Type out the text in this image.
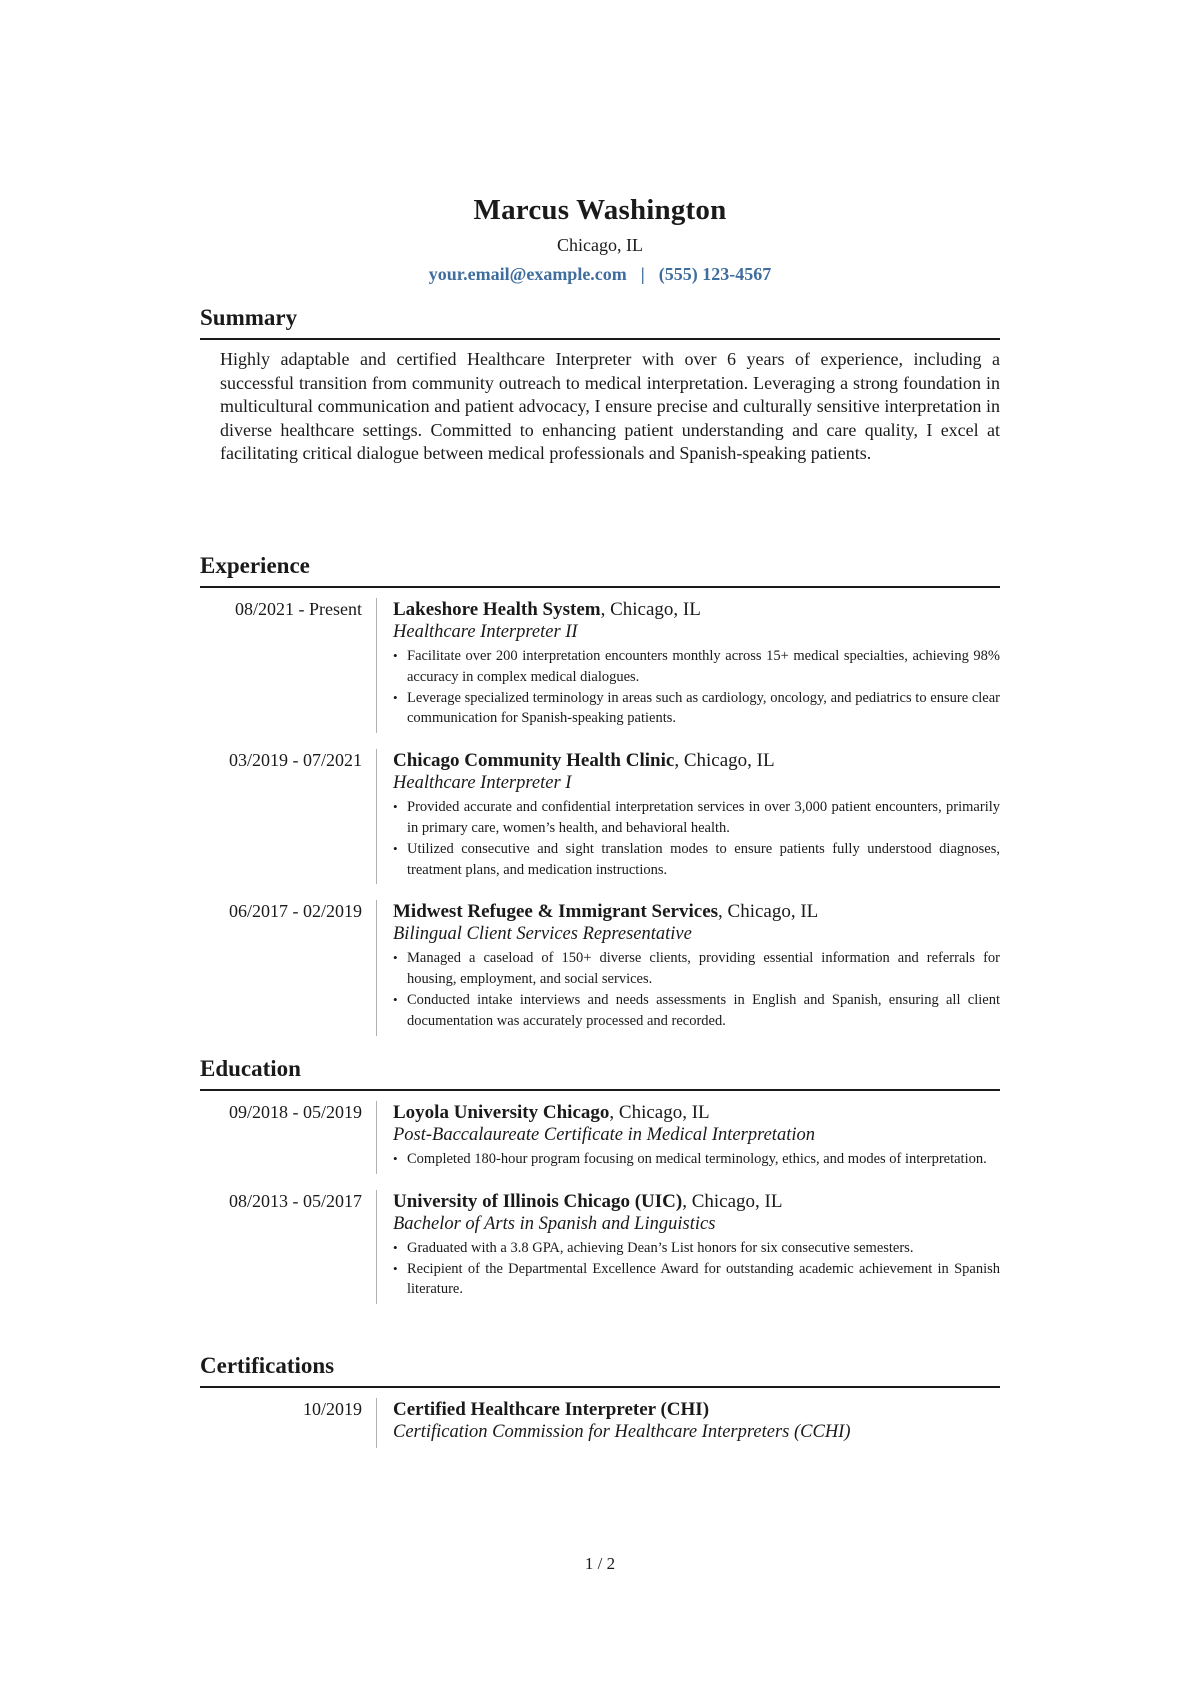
Marcus Washington
Chicago, IL
your.email@example.com | (555) 123-4567
Summary
Highly adaptable and certified Healthcare Interpreter with over 6 years of experience, including a successful transition from community outreach to medical interpretation. Leveraging a strong foundation in multicultural communication and patient advocacy, I ensure precise and culturally sensitive interpretation in diverse healthcare settings. Committed to enhancing patient understanding and care quality, I excel at facilitating critical dialogue between medical professionals and Spanish-speaking patients.
Experience
08/2021 - Present	Lakeshore Health System, Chicago, IL
Healthcare Interpreter II
• Facilitate over 200 interpretation encounters monthly across 15+ medical specialties, achieving 98% accuracy in complex medical dialogues.
• Leverage specialized terminology in areas such as cardiology, oncology, and pediatrics to ensure clear communication for Spanish-speaking patients.
03/2019 - 07/2021	Chicago Community Health Clinic, Chicago, IL
Healthcare Interpreter I
• Provided accurate and confidential interpretation services in over 3,000 patient encounters, primarily in primary care, women’s health, and behavioral health.
• Utilized consecutive and sight translation modes to ensure patients fully understood diagnoses, treatment plans, and medication instructions.
06/2017 - 02/2019	Midwest Refugee & Immigrant Services, Chicago, IL
Bilingual Client Services Representative
• Managed a caseload of 150+ diverse clients, providing essential information and referrals for housing, employment, and social services.
• Conducted intake interviews and needs assessments in English and Spanish, ensuring all client documentation was accurately processed and recorded.
Education
09/2018 - 05/2019	Loyola University Chicago, Chicago, IL
Post-Baccalaureate Certificate in Medical Interpretation
• Completed 180-hour program focusing on medical terminology, ethics, and modes of interpretation.
08/2013 - 05/2017	University of Illinois Chicago (UIC), Chicago, IL
Bachelor of Arts in Spanish and Linguistics
• Graduated with a 3.8 GPA, achieving Dean’s List honors for six consecutive semesters.
• Recipient of the Departmental Excellence Award for outstanding academic achievement in Spanish literature.
Certifications
10/2019	Certified Healthcare Interpreter (CHI)
Certification Commission for Healthcare Interpreters (CCHI)
1 / 2
